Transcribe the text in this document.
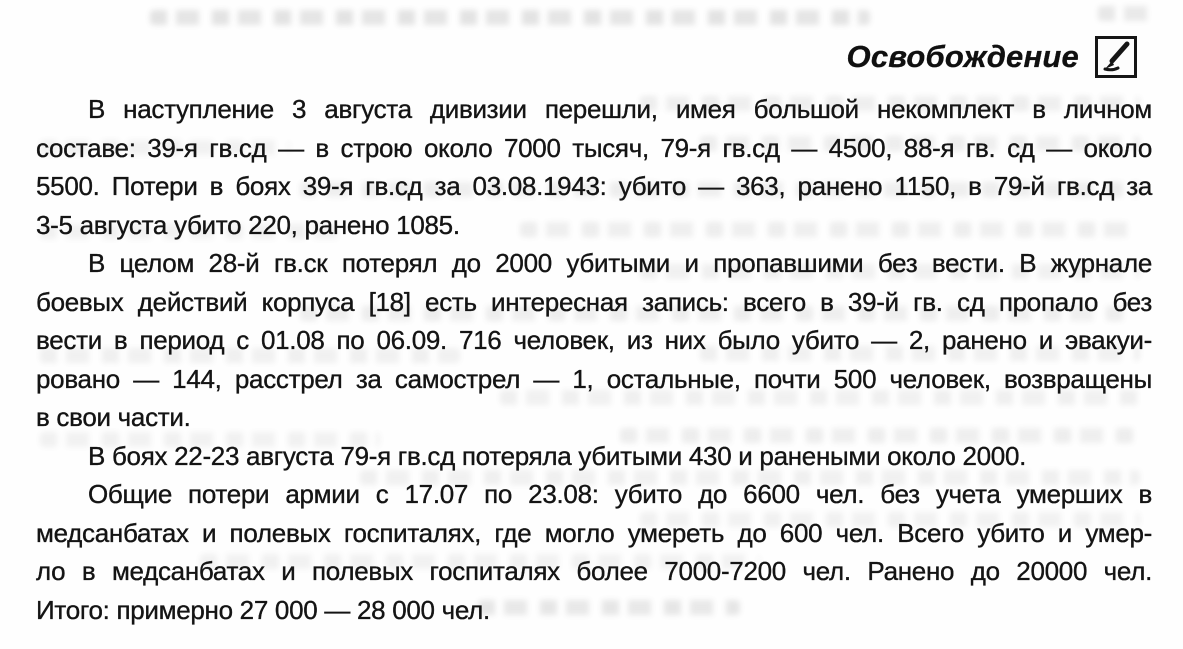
Освобождение
В наступление 3 августа дивизии перешли, имея большой некомплект в личном
составе: 39-я гв.сд — в строю около 7000 тысяч, 79-я гв.сд — 4500, 88-я гв. сд — около
5500. Потери в боях 39-я гв.сд за 03.08.1943: убито — 363, ранено 1150, в 79-й гв.сд за
3-5 августа убито 220, ранено 1085.
В целом 28-й гв.ск потерял до 2000 убитыми и пропавшими без вести. В журнале
боевых действий корпуса [18] есть интересная запись: всего в 39-й гв. сд пропало без
вести в период с 01.08 по 06.09. 716 человек, из них было убито — 2, ранено и эвакуи-
ровано — 144, расстрел за самострел — 1, остальные, почти 500 человек, возвращены
в свои части.
В боях 22-23 августа 79-я гв.сд потеряла убитыми 430 и ранеными около 2000.
Общие потери армии с 17.07 по 23.08: убито до 6600 чел. без учета умерших в
медсанбатах и полевых госпиталях, где могло умереть до 600 чел. Всего убито и умер-
ло в медсанбатах и полевых госпиталях более 7000-7200 чел. Ранено до 20000 чел.
Итого: примерно 27 000 — 28 000 чел.
